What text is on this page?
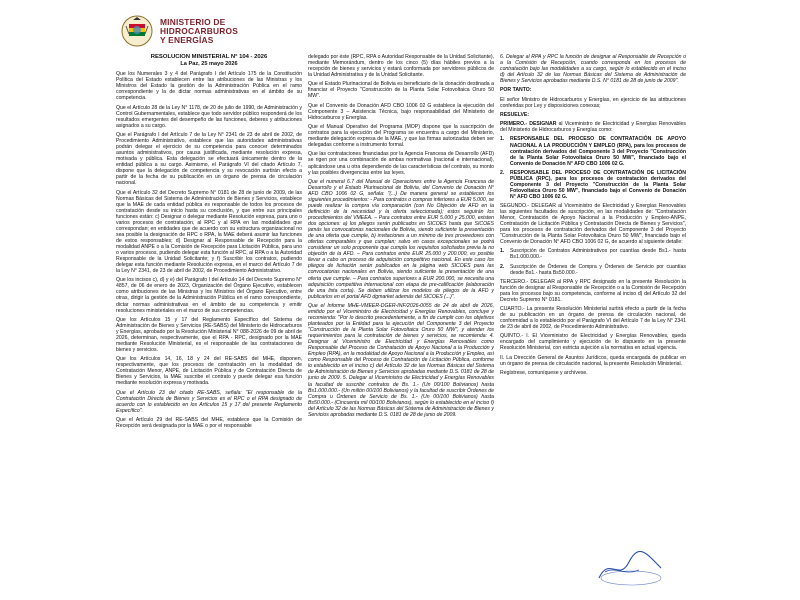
MINISTERIO DE
HIDROCARBUROS
Y ENERGÍAS
RESOLUCIÓN MINISTERIAL N° 104 - 2026
La Paz, 25 mayo 2026

Que los Numerales 3 y 4 del Parágrafo I del Artículo 175 de la Constitución Política del Estado establecen entre las atribuciones de las Ministras y los Ministros del Estado la gestión de la Administración Pública en el ramo correspondiente y la de dictar normas administrativas en el ámbito de su competencia.

Que el Artículo 28 de la Ley N° 1178, de 20 de julio de 1990, de Administración y Control Gubernamentales, establece que todo servidor público responderá de los resultados emergentes del desempeño de las funciones, deberes y atribuciones asignados a su cargo.

Que el Parágrafo I del Artículo 7 de la Ley N° 2341 de 23 de abril de 2002, de Procedimiento Administrativo, establece que las autoridades administrativas podrán delegar el ejercicio de su competencia para conocer determinados asuntos administrativos, por causa justificada, mediante resolución expresa, motivada y pública. Esta delegación se efectuará únicamente dentro de la entidad pública a su cargo. Asimismo, el Parágrafo VI del citado Artículo 7, dispone que la delegación de competencia y su revocación surtirán efecto a partir de la fecha de su publicación en un órgano de prensa de circulación nacional.

Que el Artículo 32 del Decreto Supremo N° 0181 de 28 de junio de 2009, de las Normas Básicas del Sistema de Administración de Bienes y Servicios, establece que la MAE de cada entidad pública es responsable de todos los procesos de contratación desde su inicio hasta su conclusión, y que entre sus principales funciones están: c) Designar o delegar mediante Resolución expresa, para uno o varios procesos de contratación, al RPC y al RPA en las modalidades que correspondan; en entidades que de acuerdo con su estructura organizacional no sea posible la designación de RPC o RPA, la MAE deberá asumir las funciones de estos responsables; d) Designar al Responsable de Recepción para la modalidad ANPE o a la Comisión de Recepción para Licitación Pública, para uno o varios procesos, pudiendo delegar esta función al RPC, al RPA o a la Autoridad Responsable de la Unidad Solicitante; y f) Suscribir los contratos, pudiendo delegar esta función mediante Resolución expresa, en el marco del Artículo 7 de la Ley N° 2341, de 23 de abril de 2002, de Procedimiento Administrativo.

Que los incisos c), d) y e) del Parágrafo I del Artículo 14 del Decreto Supremo N° 4857, de 06 de enero de 2023, Organización del Órgano Ejecutivo, establecen como atribuciones de las Ministras y los Ministros del Órgano Ejecutivo, entre otras, dirigir la gestión de la Administración Pública en el ramo correspondiente, dictar normas administrativas en el ámbito de su competencia y emitir resoluciones ministeriales en el marco de sus competencias.

Que los Artículos 15 y 17 del Reglamento Específico del Sistema de Administración de Bienes y Servicios (RE-SABS) del Ministerio de Hidrocarburos y Energías, aprobado por la Resolución Ministerial N° 088-2026 de 09 de abril de 2026, determinan, respectivamente, que el RPA - RPC, designado por la MAE mediante Resolución Ministerial, es el responsable de las contrataciones de bienes y servicios.

Que los Artículos 14, 16, 18 y 24 del RE-SABS del MHE, disponen, respectivamente, que los procesos de contratación en la modalidad de Contratación Menor, ANPE, de Licitación Pública y de Contratación Directa de Bienes y Servicios, la MAE suscribe el contrato y puede delegar esa función mediante resolución expresa y motivada.

Que el Artículo 23 del citado RE-SABS, señala: "El responsable de la Contratación Directa de Bienes y Servicios es el RPC o el RPA designado de acuerdo con lo establecido en los Artículos 15 y 17 del presente Reglamento Específico".

Que el Artículo 29 del RE-SABS del MHE, establece que la Comisión de Recepción será designada por la MAE o por el responsable

delegado por éste (RPC, RPA o Autoridad Responsable de la Unidad Solicitante), mediante Memorándum, dentro de los cinco (5) días hábiles previos a la recepción de bienes y servicios y estará conformada por servidores públicos de la Unidad Administrativa y de la Unidad Solicitante.

Que el Estado Plurinacional de Bolivia es beneficiario de la donación destinada a financiar el Proyecto "Construcción de la Planta Solar Fotovoltaica Oruro 50 MW".

Que el Convenio de Donación AFD CBO 1006 02 G establece la ejecución del Componente 3 – Asistencia Técnica, bajo responsabilidad del Ministerio de Hidrocarburos y Energías.

Que el Manual Operativo del Programa (MOP) dispone que la suscripción de contratos para la ejecución del Programa se encuentra a cargo del Ministerio, mediante delegación expresa de la MAE, y que las firmas autorizadas deben ser delegadas conforme a instrumento formal.

Que las contrataciones financiadas por la Agencia Francesa de Desarrollo (AFD) se rigen por una combinación de ambas normativas (nacional e internacional), aplicándose una u otra dependiendo de las características del contrato, su monto y las posibles divergencias entre las leyes.

Que el numeral 6.7 del Manual de Operaciones entre la Agencia Francesa de Desarrollo y el Estado Plurinacional de Bolivia, del Convenio de Donación N° AFD CBO 1006 02 G, señala: "(...) De manera general se establecen los siguientes procedimientos: - Para contratos o compras inferiores a EUR 5.000, se puede realizar la compra vía comparación (con No Objeción de AFD en la definición de la necesidad y la oferta seleccionada); estos seguirán los procedimientos del VMEEA. – Para contratos entre EUR 5.000 y 25.000, existen dos opciones: a) los pliegos serán publicados en SICOES hasta que SICOES jamás las convocatorias nacionales de Bolivia, siendo suficiente la presentación de una oferta que cumple, b) invitaciones a un mínimo de tres proveedores con ofertas comparables y que cumplan; salvo en casos excepcionales se podrá considerar un solo proponente que cumpla los requisitos solicitados previa la no objeción de la AFD. – Para contratos entre EUR 25.000 y 200.000, es posible llevar a cabo un proceso de adquisición competitivo nacional. En este caso los pliegos de licitación serán publicados en la página web SICOES para las convocatorias nacionales en Bolivia, siendo suficiente la presentación de una oferta que cumple. – Para contratos superiores a EUR 200.000, se necesita una adquisición competitiva internacional con etapa de pre-calificación (elaboración de una lista corta). Se deben utilizar los modelos de pliegos de la AFD y publicarlos en el portal AFD dgmarket además del SICOES (...)".

Que el Informe MHE-VMEER-DGER-INF/2026-0055 de 24 de abril de 2026, emitido por el Viceministro de Electricidad y Energías Renovables, concluye y recomienda: "Por lo descrito precedentemente, a fin de cumplir con los objetivos planteados por la Entidad para la ejecución del Componente 3 del Proyecto "Construcción de la Planta Solar Fotovoltaica Oruro 50 MW", y atender los requerimientos para la contratación de bienes y servicios, se recomienda: 4. Designar al Viceministro de Electricidad y Energías Renovables como Responsable del Proceso de Contratación de Apoyo Nacional a la Producción y Empleo (RPA), en la modalidad de Apoyo Nacional a la Producción y Empleo, así como Responsable del Proceso de Contratación de Licitación Pública, conforme lo establecido en el inciso c) del Artículo 32 de las Normas Básicas del Sistema de Administración de Bienes y Servicios aprobadas mediante D.S. 0181 de 28 de junio de 2009. 5. Delegar al Viceministro de Electricidad y Energías Renovables la facultad de suscribir contratos de Bs. 1.- (Un 00/100 Bolivianos) hasta Bs1.000.000.- (Un millón 00/100 Bolivianos) y la facultad de suscribir Órdenes de Compra u Órdenes de Servicio de Bs. 1.- (Un 00/100 Bolivianos) hasta Bs50.000.- (Cincuenta mil 00/100 Bolivianos), según lo establecido en el inciso f) del Artículo 32 de las Normas Básicas del Sistema de Administración de Bienes y Servicios aprobadas mediante D.S. 0181 de 28 de junio de 2009.

6. Delegar al RPA y RPC la función de designar al Responsable de Recepción o a la Comisión de Recepción, cuando corresponda en los procesos de contratación bajo las modalidades a su cargo, según lo establecido en el inciso d) del Artículo 32 de las Normas Básicas del Sistema de Administración de Bienes y Servicios aprobadas mediante D.S. N° 0181 de 28 de junio de 2009".

POR TANTO:

El señor Ministro de Hidrocarburos y Energías, en ejercicio de las atribuciones conferidas por Ley y disposiciones conexas;

RESUELVE:

PRIMERO.- DESIGNAR al Viceministro de Electricidad y Energías Renovables del Ministerio de Hidrocarburos y Energías como:

1.	RESPONSABLE DEL PROCESO DE CONTRATACIÓN DE APOYO NACIONAL A LA PRODUCCIÓN Y EMPLEO (RPA), para los procesos de contratación derivados del Componente 3 del Proyecto "Construcción de la Planta Solar Fotovoltaica Oruro 50 MW", financiado bajo el Convenio de Donación N° AFD CBO 1006 02 G.
2.	RESPONSABLE DEL PROCESO DE CONTRATACIÓN DE LICITACIÓN PÚBLICA (RPC), para los procesos de contratación derivados del Componente 3 del Proyecto "Construcción de la Planta Solar Fotovoltaica Oruro 50 MW", financiado bajo el Convenio de Donación N° AFD CBO 1006 02 G.

SEGUNDO.- DELEGAR al Viceministro de Electricidad y Energías Renovables las siguientes facultades de suscripción, en las modalidades de: "Contratación Menor, Contratación de Apoyo Nacional a la Producción y Empleo-ANPE, Contratación de Licitación Pública y Contratación Directa de Bienes y Servicios", para los procesos de contratación derivados del Componente 3 del Proyecto "Construcción de la Planta Solar Fotovoltaica Oruro 50 MW", financiado bajo el Convenio de Donación N° AFD CBO 1006 02 G, de acuerdo al siguiente detalle:

1.	Suscripción de Contratos Administrativos por cuantías desde Bs1.- hasta Bs1.000.000.-
2.	Suscripción de Órdenes de Compra y Órdenes de Servicio por cuantías desde Bs1.- hasta Bs50.000.-

TERCERO.- DELEGAR al RPA y RPC designado en la presente Resolución la función de designar al Responsable de Recepción o a la Comisión de Recepción para los procesos bajo su competencia, conforme al inciso d) del Artículo 32 del Decreto Supremo N° 0181.

CUARTO.- La presente Resolución Ministerial surtirá efecto a partir de la fecha de su publicación en un órgano de prensa de circulación nacional, de conformidad a lo establecido por el Parágrafo VI del Artículo 7 de la Ley N° 2341 de 23 de abril de 2002, de Procedimiento Administrativo.

QUINTO.- I. El Viceministro de Electricidad y Energías Renovables, queda encargado del cumplimiento y ejecución de lo dispuesto en la presente Resolución Ministerial, con estricta sujeción a la normativa en actual vigencia.

II. La Dirección General de Asuntos Jurídicos, queda encargada de publicar en un órgano de prensa de circulación nacional, la presente Resolución Ministerial.

Regístrese, comuníquese y archívese.
